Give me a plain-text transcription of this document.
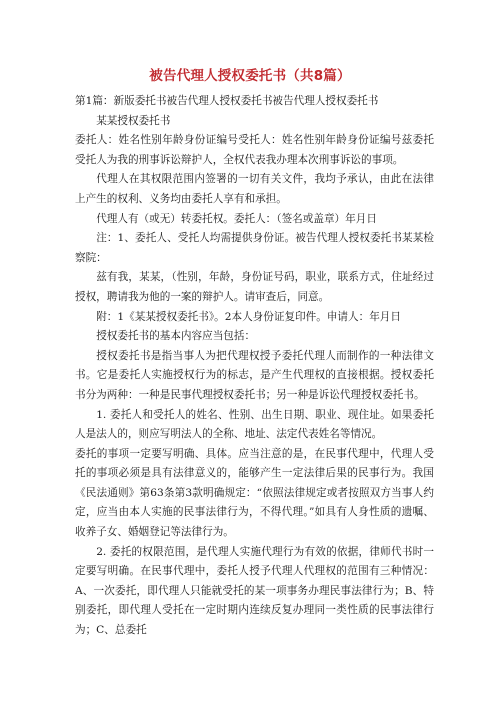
被告代理人授权委托书（共8篇）

第1篇：新版委托书被告代理人授权委托书被告代理人授权委托书

某某授权委托书

委托人：姓名性别年龄身份证编号受托人：姓名性别年龄身份证编号兹委托受托人为我的刑事诉讼辩护人，全权代表我办理本次刑事诉讼的事项。

代理人在其权限范围内签署的一切有关文件，我均予承认，由此在法律上产生的权利、义务均由委托人享有和承担。

代理人有（或无）转委托权。委托人：（签名或盖章）年月日

注：1、委托人、受托人均需提供身份证。被告代理人授权委托书某某检察院：

兹有我，某某，（性别，年龄，身份证号码，职业，联系方式，住址经过授权，聘请我为他的一案的辩护人。请审查后，同意。

附：1《某某授权委托书》。2本人身份证复印件。申请人：年月日

授权委托书的基本内容应当包括：

授权委托书是指当事人为把代理权授予委托代理人而制作的一种法律文书。它是委托人实施授权行为的标志，是产生代理权的直接根据。授权委托书分为两种：一种是民事代理授权委托书；另一种是诉讼代理授权委托书。

1. 委托人和受托人的姓名、性别、出生日期、职业、现住址。如果委托人是法人的，则应写明法人的全称、地址、法定代表姓名等情况。

委托的事项一定要写明确、具体。应当注意的是，在民事代理中，代理人受托的事项必须是具有法律意义的，能够产生一定法律后果的民事行为。我国《民法通则》第63条第3款明确规定：“依照法律规定或者按照双方当事人约定，应当由本人实施的民事法律行为，不得代理。”如具有人身性质的遗嘱、收养子女、婚姻登记等法律行为。

2. 委托的权限范围，是代理人实施代理行为有效的依据，律师代书时一定要写明确。在民事代理中，委托人授予代理人代理权的范围有三种情况：A、一次委托，即代理人只能就受托的某一项事务办理民事法律行为；B、特别委托，即代理人受托在一定时期内连续反复办理同一类性质的民事法律行为；C、总委托
